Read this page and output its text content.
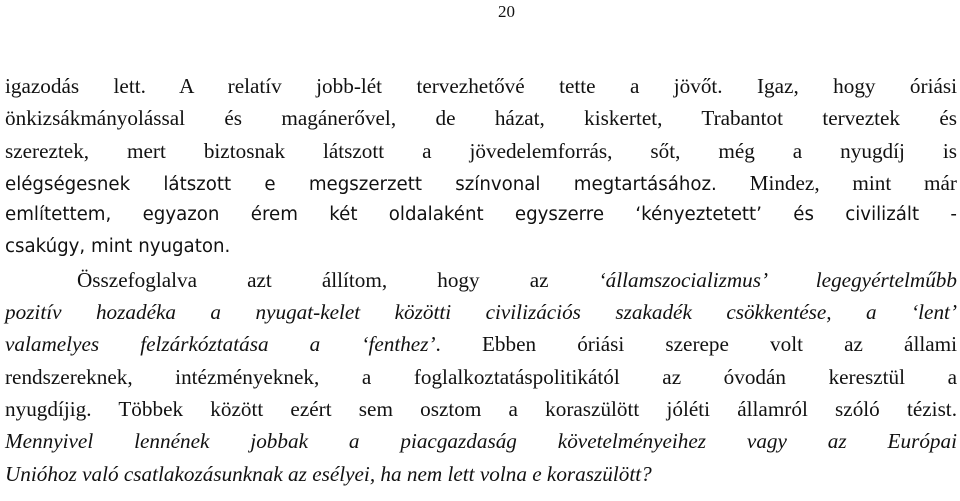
20
igazodás lett. A relatív jobb-lét tervezhetővé tette a jövőt. Igaz, hogy óriási
önkizsákmányolással és magánerővel, de házat, kiskertet, Trabantot terveztek és
szereztek, mert biztosnak látszott a jövedelemforrás, sőt, még a nyugdíj is
elégségesnek látszott e megszerzett színvonal megtartásához. Mindez, mint már
említettem, egyazon érem két oldalaként egyszerre ‘kényeztetett’ és civilizált -
csakúgy, mint nyugaton.
Összefoglalva azt állítom, hogy az ‘államszocializmus’ legegyértelműbb
pozitív hozadéka a nyugat-kelet közötti civilizációs szakadék csökkentése, a ‘lent’
valamelyes felzárkóztatása a ‘fenthez’. Ebben óriási szerepe volt az állami
rendszereknek, intézményeknek, a foglalkoztatáspolitikától az óvodán keresztül a
nyugdíjig. Többek között ezért sem osztom a koraszülött jóléti államról szóló tézist.
Mennyivel lennének jobbak a piacgazdaság követelményeihez vagy az Európai
Unióhoz való csatlakozásunknak az esélyei, ha nem lett volna e koraszülött?
